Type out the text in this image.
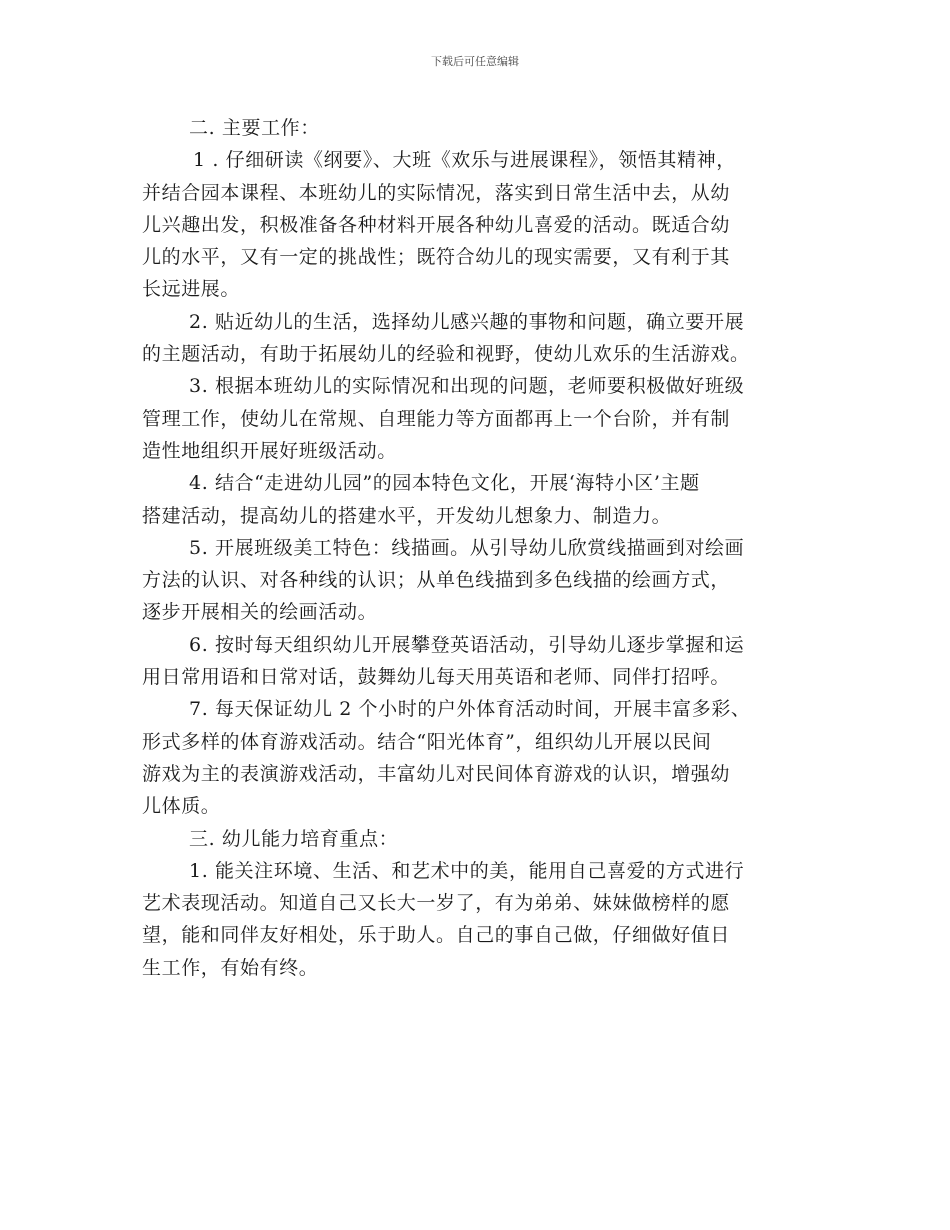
下载后可任意编辑
二. 主要工作：
1 . 仔细研读《纲要》、大班《欢乐与进展课程》，领悟其精神，
并结合园本课程、本班幼儿的实际情况，落实到日常生活中去，从幼
儿兴趣出发，积极准备各种材料开展各种幼儿喜爱的活动。既适合幼
儿的水平，又有一定的挑战性；既符合幼儿的现实需要，又有利于其
长远进展。
2. 贴近幼儿的生活，选择幼儿感兴趣的事物和问题，确立要开展
的主题活动，有助于拓展幼儿的经验和视野，使幼儿欢乐的生活游戏。
3. 根据本班幼儿的实际情况和出现的问题，老师要积极做好班级
管理工作，使幼儿在常规、自理能力等方面都再上一个台阶，并有制
造性地组织开展好班级活动。
4. 结合“走进幼儿园”的园本特色文化，开展‘海特小区’主题
搭建活动，提高幼儿的搭建水平，开发幼儿想象力、制造力。
5. 开展班级美工特色：线描画。从引导幼儿欣赏线描画到对绘画
方法的认识、对各种线的认识；从单色线描到多色线描的绘画方式，
逐步开展相关的绘画活动。
6. 按时每天组织幼儿开展攀登英语活动，引导幼儿逐步掌握和运
用日常用语和日常对话，鼓舞幼儿每天用英语和老师、同伴打招呼。
7. 每天保证幼儿 2 个小时的户外体育活动时间，开展丰富多彩、
形式多样的体育游戏活动。结合“阳光体育”，组织幼儿开展以民间
游戏为主的表演游戏活动，丰富幼儿对民间体育游戏的认识，增强幼
儿体质。
三. 幼儿能力培育重点：
1. 能关注环境、生活、和艺术中的美，能用自己喜爱的方式进行
艺术表现活动。知道自己又长大一岁了，有为弟弟、妹妹做榜样的愿
望，能和同伴友好相处，乐于助人。自己的事自己做，仔细做好值日
生工作，有始有终。
